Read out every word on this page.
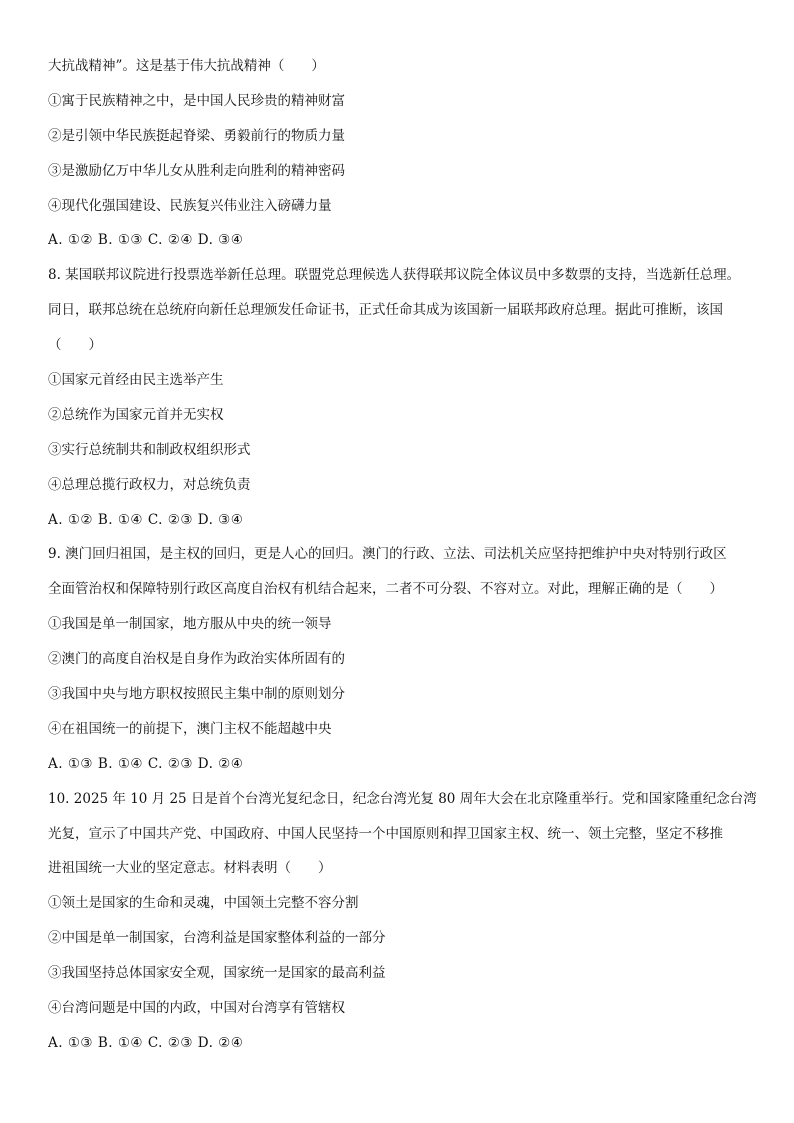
大抗战精神”。这是基于伟大抗战精神（　　）
①寓于民族精神之中，是中国人民珍贵的精神财富
②是引领中华民族挺起脊梁、勇毅前行的物质力量
③是激励亿万中华儿女从胜利走向胜利的精神密码
④现代化强国建设、民族复兴伟业注入磅礴力量
A. ①② B. ①③ C. ②④ D. ③④
8. 某国联邦议院进行投票选举新任总理。联盟党总理候选人获得联邦议院全体议员中多数票的支持，当选新任总理。
同日，联邦总统在总统府向新任总理颁发任命证书，正式任命其成为该国新一届联邦政府总理。据此可推断，该国
（　　）
①国家元首经由民主选举产生
②总统作为国家元首并无实权
③实行总统制共和制政权组织形式
④总理总揽行政权力，对总统负责
A. ①② B. ①④ C. ②③ D. ③④
9. 澳门回归祖国，是主权的回归，更是人心的回归。澳门的行政、立法、司法机关应坚持把维护中央对特别行政区
全面管治权和保障特别行政区高度自治权有机结合起来，二者不可分裂、不容对立。对此，理解正确的是（　　）
①我国是单一制国家，地方服从中央的统一领导
②澳门的高度自治权是自身作为政治实体所固有的
③我国中央与地方职权按照民主集中制的原则划分
④在祖国统一的前提下，澳门主权不能超越中央
A. ①③ B. ①④ C. ②③ D. ②④
10. 2025 年 10 月 25 日是首个台湾光复纪念日，纪念台湾光复 80 周年大会在北京隆重举行。党和国家隆重纪念台湾
光复，宣示了中国共产党、中国政府、中国人民坚持一个中国原则和捍卫国家主权、统一、领土完整，坚定不移推
进祖国统一大业的坚定意志。材料表明（　　）
①领土是国家的生命和灵魂，中国领土完整不容分割
②中国是单一制国家，台湾利益是国家整体利益的一部分
③我国坚持总体国家安全观，国家统一是国家的最高利益
④台湾问题是中国的内政，中国对台湾享有管辖权
A. ①③ B. ①④ C. ②③ D. ②④
